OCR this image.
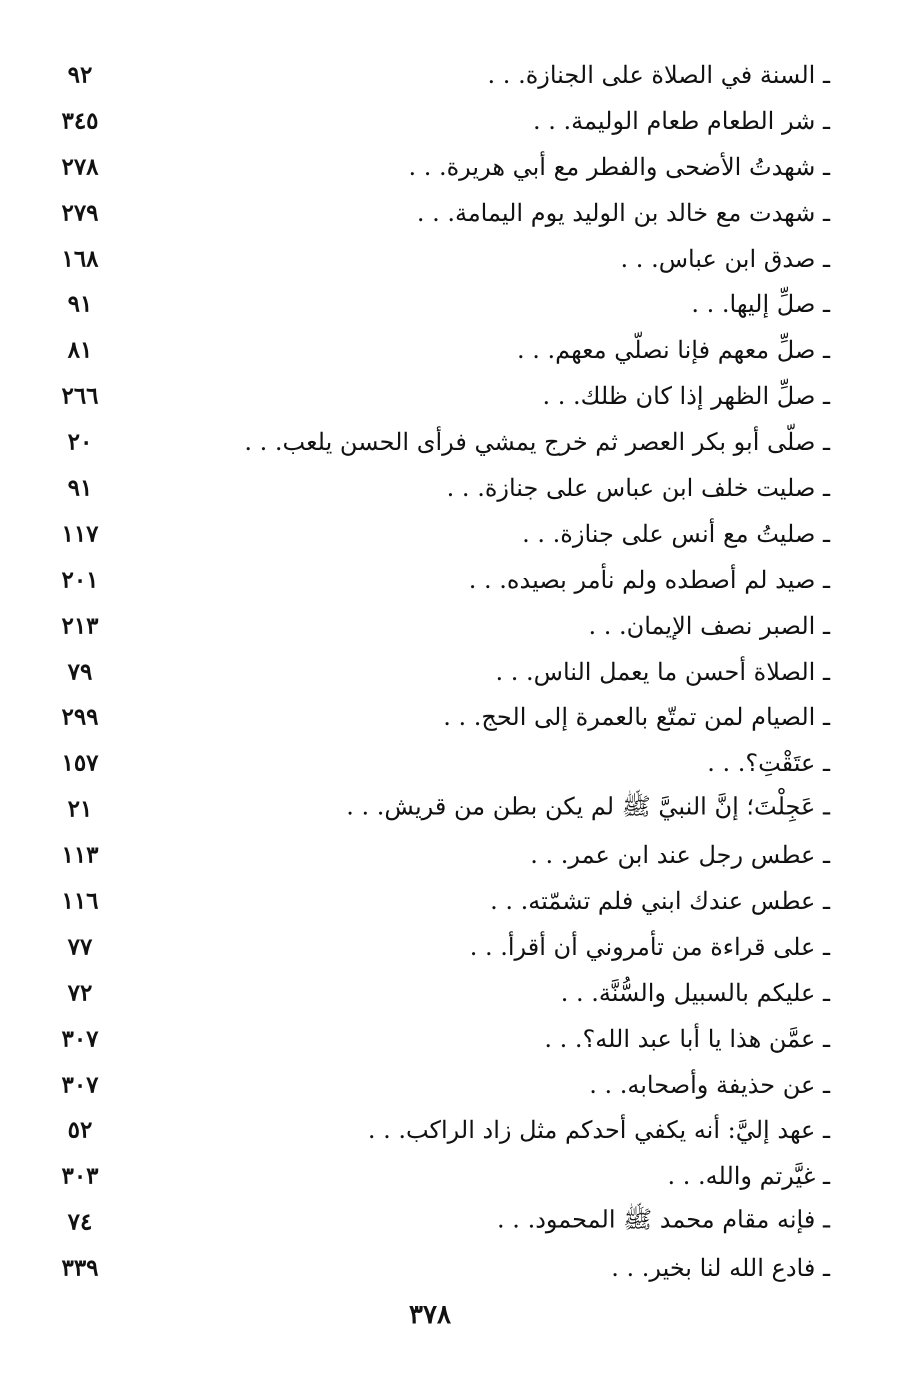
٩٢	ـ السنة في الصلاة على الجنازة. . .
٣٤٥	ـ شر الطعام طعام الوليمة. . .
٢٧٨	ـ شهدتُ الأضحى والفطر مع أبي هريرة. . .
٢٧٩	ـ شهدت مع خالد بن الوليد يوم اليمامة. . .
١٦٨	ـ صدق ابن عباس. . .
٩١	ـ صلِّ إليها. . .
٨١	ـ صلِّ معهم فإنا نصلّي معهم. . .
٢٦٦	ـ صلِّ الظهر إذا كان ظلك. . .
٢٠	ـ صلّى أبو بكر العصر ثم خرج يمشي فرأى الحسن يلعب. . .
٩١	ـ صليت خلف ابن عباس على جنازة. . .
١١٧	ـ صليتُ مع أنس على جنازة. . .
٢٠١	ـ صيد لم أصطده ولم نأمر بصيده. . .
٢١٣	ـ الصبر نصف الإيمان. . .
٧٩	ـ الصلاة أحسن ما يعمل الناس. . .
٢٩٩	ـ الصيام لمن تمتّع بالعمرة إلى الحج. . .
١٥٧	ـ عتَقْتِ؟. . .
٢١	ـ عَجِلْتَ؛ إنَّ النبيَّ ﷺ لم يكن بطن من قريش. . .
١١٣	ـ عطس رجل عند ابن عمر. . .
١١٦	ـ عطس عندك ابني فلم تشمّته. . .
٧٧	ـ على قراءة من تأمروني أن أقرأ. . .
٧٢	ـ عليكم بالسبيل والسُّنَّة. . .
٣٠٧	ـ عمَّن هذا يا أبا عبد الله؟. . .
٣٠٧	ـ عن حذيفة وأصحابه. . .
٥٢	ـ عهد إليَّ: أنه يكفي أحدكم مثل زاد الراكب. . .
٣٠٣	ـ غيَّرتم والله. . .
٧٤	ـ فإنه مقام محمد ﷺ المحمود. . .
٣٣٩	ـ فادع الله لنا بخير. . .
٣٧٨
